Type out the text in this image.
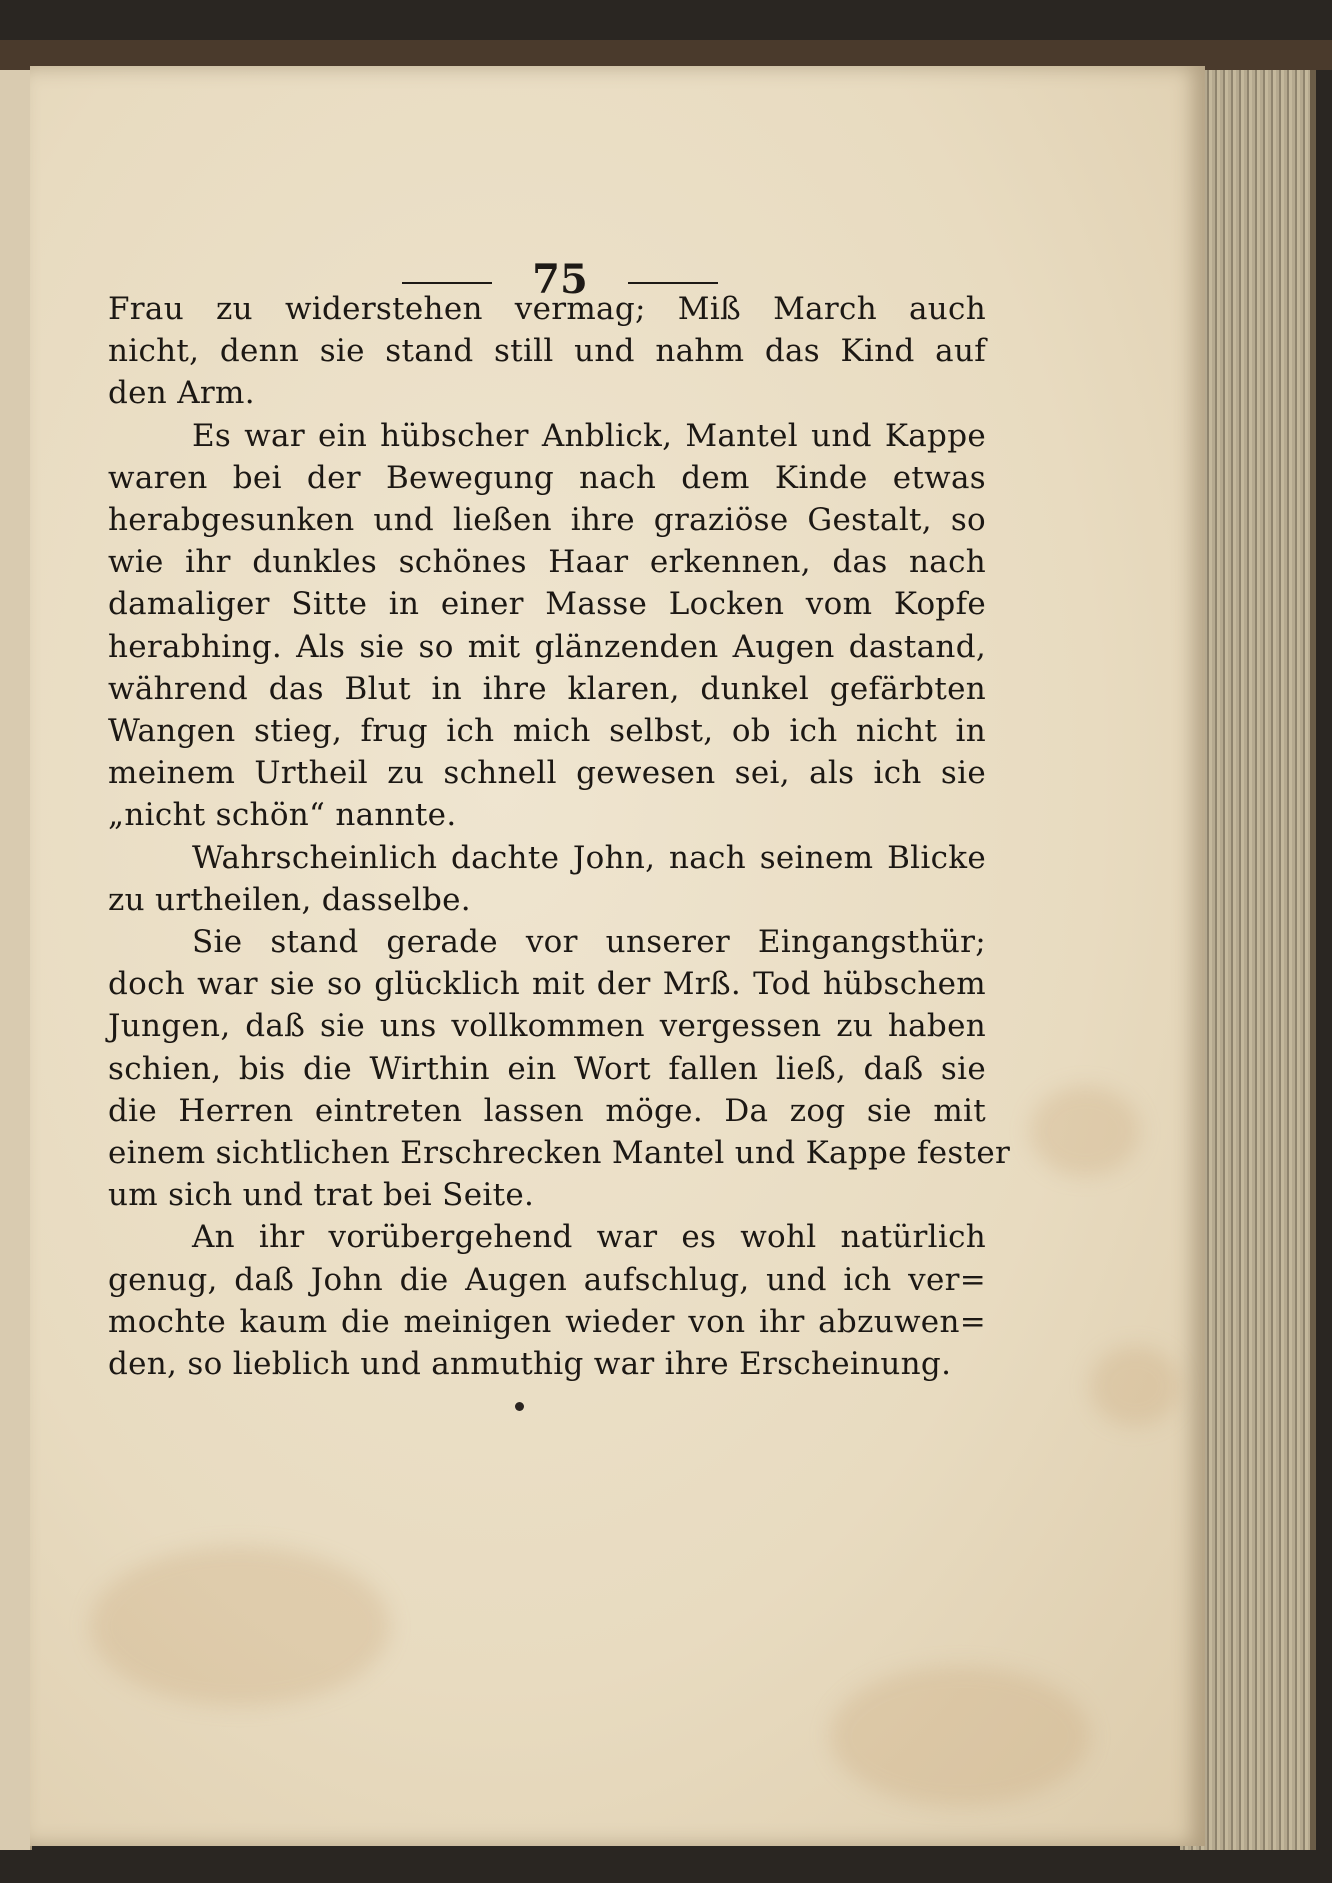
75
Frau zu widerstehen vermag; Miß March auch
nicht, denn sie stand still und nahm das Kind auf
den Arm.
Es war ein hübscher Anblick, Mantel und Kappe
waren bei der Bewegung nach dem Kinde etwas
herabgesunken und ließen ihre graziöse Gestalt, so
wie ihr dunkles schönes Haar erkennen, das nach
damaliger Sitte in einer Masse Locken vom Kopfe
herabhing. Als sie so mit glänzenden Augen dastand,
während das Blut in ihre klaren, dunkel gefärbten
Wangen stieg, frug ich mich selbst, ob ich nicht in
meinem Urtheil zu schnell gewesen sei, als ich sie
„nicht schön“ nannte.
Wahrscheinlich dachte John, nach seinem Blicke
zu urtheilen, dasselbe.
Sie stand gerade vor unserer Eingangsthür;
doch war sie so glücklich mit der Mrß. Tod hübschem
Jungen, daß sie uns vollkommen vergessen zu haben
schien, bis die Wirthin ein Wort fallen ließ, daß sie
die Herren eintreten lassen möge. Da zog sie mit
einem sichtlichen Erschrecken Mantel und Kappe fester
um sich und trat bei Seite.
An ihr vorübergehend war es wohl natürlich
genug, daß John die Augen aufschlug, und ich ver=
mochte kaum die meinigen wieder von ihr abzuwen=
den, so lieblich und anmuthig war ihre Erscheinung.
